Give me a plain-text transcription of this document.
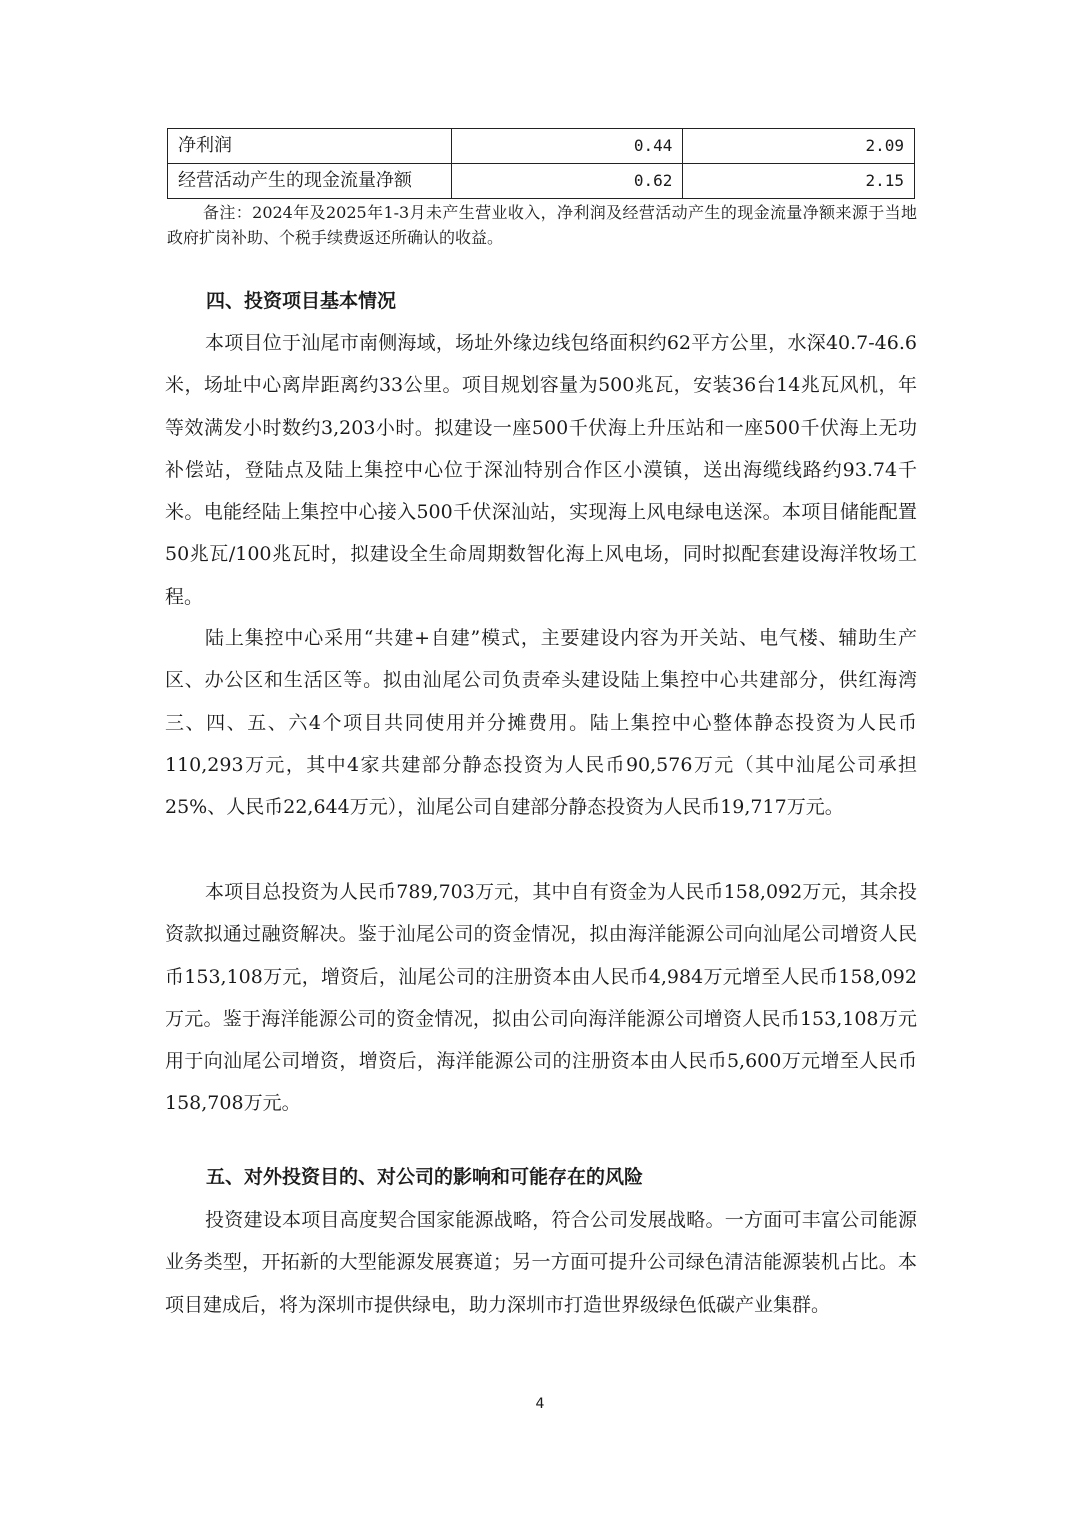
净利润	0.44	2.09
经营活动产生的现金流量净额	0.62	2.15
备注：2024年及2025年1-3月未产生营业收入，净利润及经营活动产生的现金流量净额来源于当地政府扩岗补助、个税手续费返还所确认的收益。
四、投资项目基本情况

本项目位于汕尾市南侧海域，场址外缘边线包络面积约62平方公里，水深40.7-46.6米，场址中心离岸距离约33公里。项目规划容量为500兆瓦，安装36台14兆瓦风机，年等效满发小时数约3,203小时。拟建设一座500千伏海上升压站和一座500千伏海上无功补偿站，登陆点及陆上集控中心位于深汕特别合作区小漠镇，送出海缆线路约93.74千米。电能经陆上集控中心接入500千伏深汕站，实现海上风电绿电送深。本项目储能配置50兆瓦/100兆瓦时，拟建设全生命周期数智化海上风电场，同时拟配套建设海洋牧场工程。

陆上集控中心采用“共建+自建”模式，主要建设内容为开关站、电气楼、辅助生产区、办公区和生活区等。拟由汕尾公司负责牵头建设陆上集控中心共建部分，供红海湾三、四、五、六4个项目共同使用并分摊费用。陆上集控中心整体静态投资为人民币110,293万元，其中4家共建部分静态投资为人民币90,576万元（其中汕尾公司承担25%、人民币22,644万元），汕尾公司自建部分静态投资为人民币19,717万元。

本项目总投资为人民币789,703万元，其中自有资金为人民币158,092万元，其余投资款拟通过融资解决。鉴于汕尾公司的资金情况，拟由海洋能源公司向汕尾公司增资人民币153,108万元，增资后，汕尾公司的注册资本由人民币4,984万元增至人民币158,092万元。鉴于海洋能源公司的资金情况，拟由公司向海洋能源公司增资人民币153,108万元用于向汕尾公司增资，增资后，海洋能源公司的注册资本由人民币5,600万元增至人民币158,708万元。

五、对外投资目的、对公司的影响和可能存在的风险

投资建设本项目高度契合国家能源战略，符合公司发展战略。一方面可丰富公司能源业务类型，开拓新的大型能源发展赛道；另一方面可提升公司绿色清洁能源装机占比。本项目建成后，将为深圳市提供绿电，助力深圳市打造世界级绿色低碳产业集群。

4
